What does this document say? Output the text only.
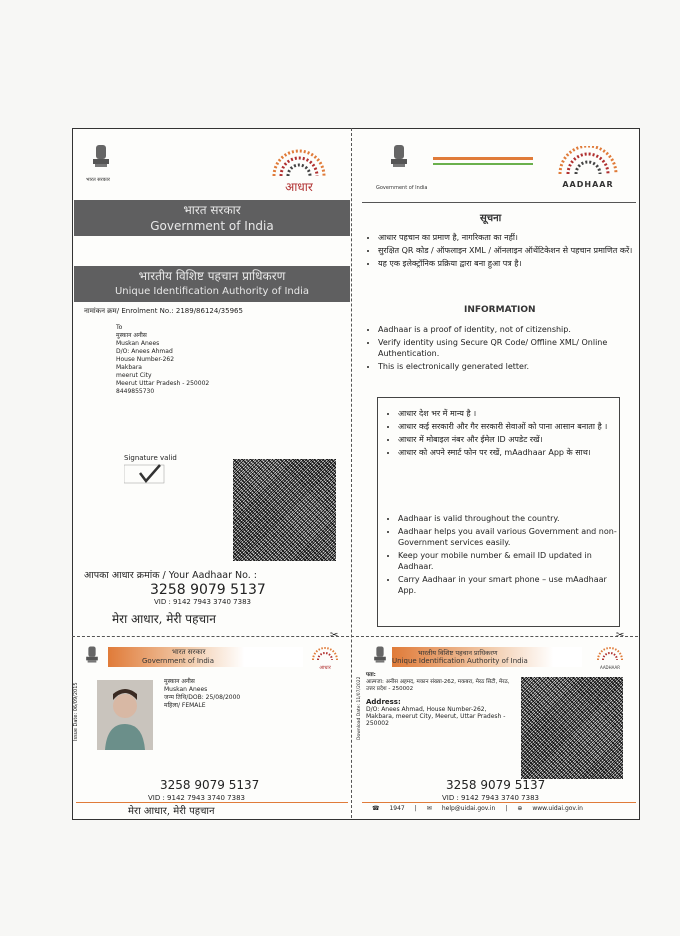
भारत सरकार	आधार
भारत सरकार
Government of India
भारतीय विशिष्ट पहचान प्राधिकरण
Unique Identification Authority of India
नामांकन क्रम/ Enrolment No.: 2189/86124/35965
To
मुस्कान अनीस
Muskan Anees
D/O: Anees Ahmad
House Number-262
Makbara
meerut City
Meerut Uttar Pradesh - 250002
8449855730
Signature valid
आपका आधार क्रमांक / Your Aadhaar No. :
3258 9079 5137
VID : 9142 7943 3740 7383
मेरा आधार, मेरी पहचान
Government of India	AADHAAR
सूचना
• आधार पहचान का प्रमाण है, नागरिकता का नहीं।
• सुरक्षित QR कोड / ऑफलाइन XML / ऑनलाइन ऑथेंटिकेशन से पहचान प्रमाणित करें।
• यह एक इलेक्ट्रॉनिक प्रक्रिया द्वारा बना हुआ पत्र है।
INFORMATION
• Aadhaar is a proof of identity, not of citizenship.
• Verify identity using Secure QR Code/ Offline XML/ Online Authentication.
• This is electronically generated letter.
• आधार देश भर में मान्य है ।
• आधार कई सरकारी और गैर सरकारी सेवाओं को पाना आसान बनाता है ।
• आधार में मोबाइल नंबर और ईमेल ID अपडेट रखें।
• आधार को अपने स्मार्ट फोन पर रखें, mAadhaar App के साथ।
• Aadhaar is valid throughout the country.
• Aadhaar helps you avail various Government and non-Government services easily.
• Keep your mobile number & email ID updated in Aadhaar.
• Carry Aadhaar in your smart phone – use mAadhaar App.
✂	✂
भारत सरकार
Government of India
आधार
Issue Date: 06/09/2015
मुस्कान अनीस
Muskan Anees
जन्म तिथि/DOB: 25/08/2000
महिला/ FEMALE
3258 9079 5137
VID : 9142 7943 3740 7383
मेरा आधार, मेरी पहचान
भारतीय विशिष्ट पहचान प्राधिकरण
Unique Identification Authority of India
AADHAAR
Download Date: 11/07/2022
पता:
आत्मजा: अनीस अहमद, मकान संख्या-262, मकबरा, मेरठ सिटी, मेरठ, उत्तर प्रदेश - 250002
Address:
D/O: Anees Ahmad, House Number-262, Makbara, meerut City, Meerut, Uttar Pradesh - 250002
3258 9079 5137
VID : 9142 7943 3740 7383
☎ 1947 | ✉ help@uidai.gov.in | ⊕ www.uidai.gov.in
